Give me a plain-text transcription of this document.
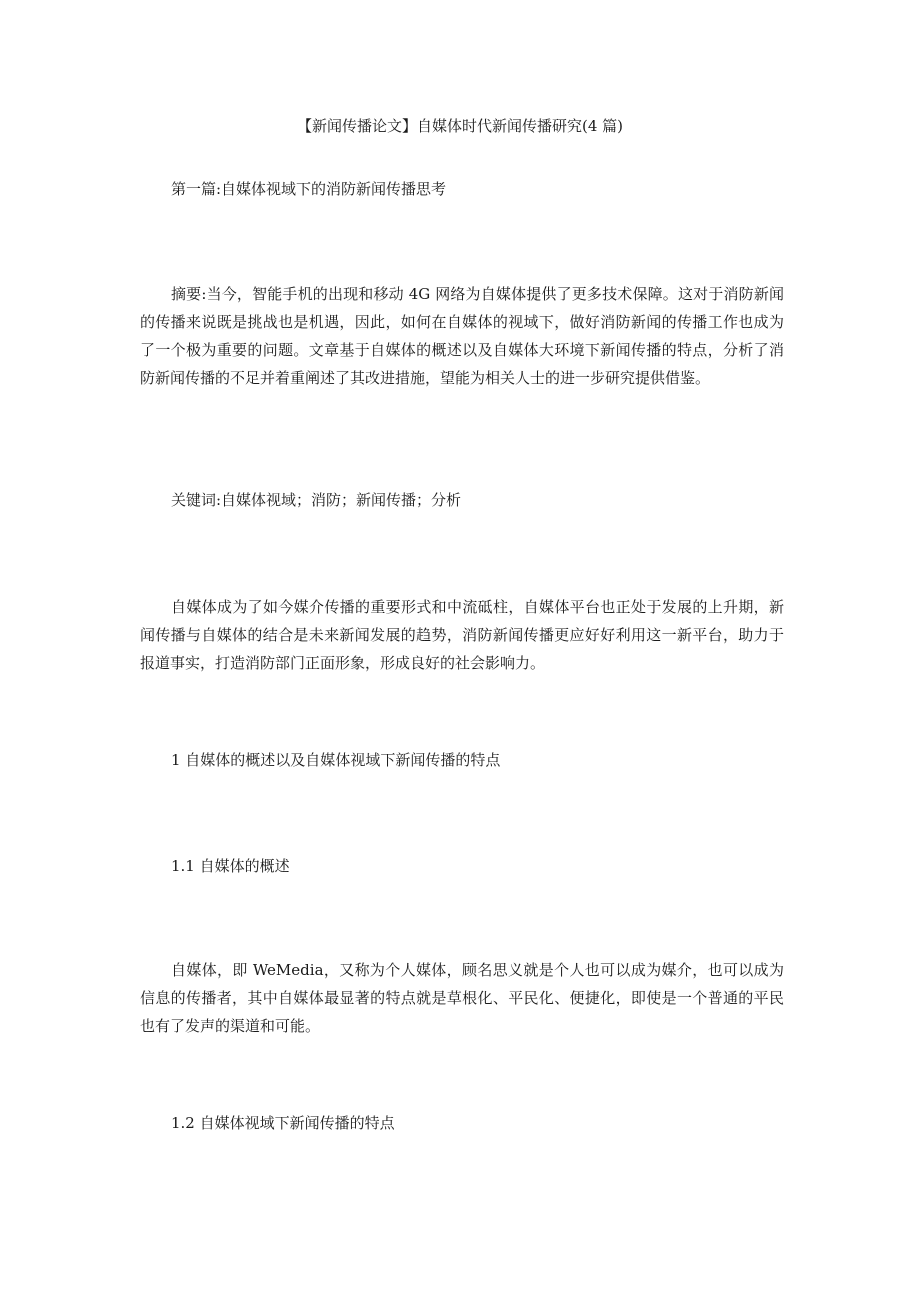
【新闻传播论文】自媒体时代新闻传播研究(4 篇)

第一篇:自媒体视域下的消防新闻传播思考

摘要:当今，智能手机的出现和移动 4G 网络为自媒体提供了更多技术保障。这对于消防新闻的传播来说既是挑战也是机遇，因此，如何在自媒体的视域下，做好消防新闻的传播工作也成为了一个极为重要的问题。文章基于自媒体的概述以及自媒体大环境下新闻传播的特点，分析了消防新闻传播的不足并着重阐述了其改进措施，望能为相关人士的进一步研究提供借鉴。

关键词:自媒体视域；消防；新闻传播；分析

自媒体成为了如今媒介传播的重要形式和中流砥柱，自媒体平台也正处于发展的上升期，新闻传播与自媒体的结合是未来新闻发展的趋势，消防新闻传播更应好好利用这一新平台，助力于报道事实，打造消防部门正面形象，形成良好的社会影响力。

1 自媒体的概述以及自媒体视域下新闻传播的特点

1.1 自媒体的概述

自媒体，即 WeMedia，又称为个人媒体，顾名思义就是个人也可以成为媒介，也可以成为信息的传播者，其中自媒体最显著的特点就是草根化、平民化、便捷化，即使是一个普通的平民也有了发声的渠道和可能。

1.2 自媒体视域下新闻传播的特点
